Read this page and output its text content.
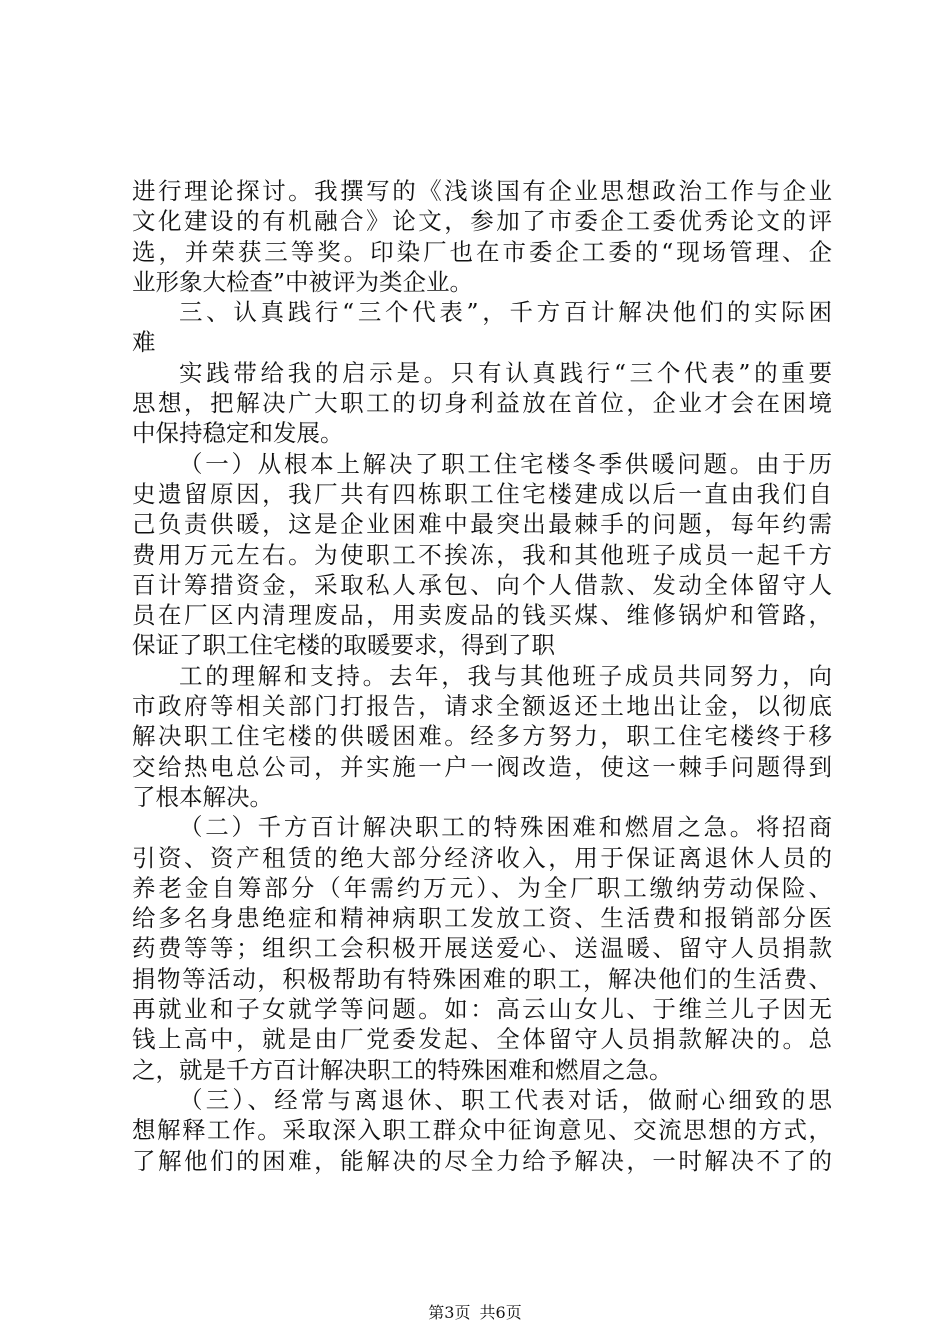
进行理论探讨。我撰写的《浅谈国有企业思想政治工作与企业
文化建设的有机融合》论文，参加了市委企工委优秀论文的评
选，并荣获三等奖。印染厂也在市委企工委的“现场管理、企
业形象大检查”中被评为类企业。
三、认真践行“三个代表”，千方百计解决他们的实际困
难
实践带给我的启示是。只有认真践行“三个代表”的重要
思想，把解决广大职工的切身利益放在首位，企业才会在困境
中保持稳定和发展。
（一）从根本上解决了职工住宅楼冬季供暖问题。由于历
史遗留原因，我厂共有四栋职工住宅楼建成以后一直由我们自
己负责供暖，这是企业困难中最突出最棘手的问题，每年约需
费用万元左右。为使职工不挨冻，我和其他班子成员一起千方
百计筹措资金，采取私人承包、向个人借款、发动全体留守人
员在厂区内清理废品，用卖废品的钱买煤、维修锅炉和管路，
保证了职工住宅楼的取暖要求，得到了职
工的理解和支持。去年，我与其他班子成员共同努力，向
市政府等相关部门打报告，请求全额返还土地出让金，以彻底
解决职工住宅楼的供暖困难。经多方努力，职工住宅楼终于移
交给热电总公司，并实施一户一阀改造，使这一棘手问题得到
了根本解决。
（二）千方百计解决职工的特殊困难和燃眉之急。将招商
引资、资产租赁的绝大部分经济收入，用于保证离退休人员的
养老金自筹部分（年需约万元）、为全厂职工缴纳劳动保险、
给多名身患绝症和精神病职工发放工资、生活费和报销部分医
药费等等；组织工会积极开展送爱心、送温暖、留守人员捐款
捐物等活动，积极帮助有特殊困难的职工，解决他们的生活费、
再就业和子女就学等问题。如：高云山女儿、于维兰儿子因无
钱上高中，就是由厂党委发起、全体留守人员捐款解决的。总
之，就是千方百计解决职工的特殊困难和燃眉之急。
（三）、经常与离退休、职工代表对话，做耐心细致的思
想解释工作。采取深入职工群众中征询意见、交流思想的方式，
了解他们的困难，能解决的尽全力给予解决，一时解决不了的
第3页 共6页
